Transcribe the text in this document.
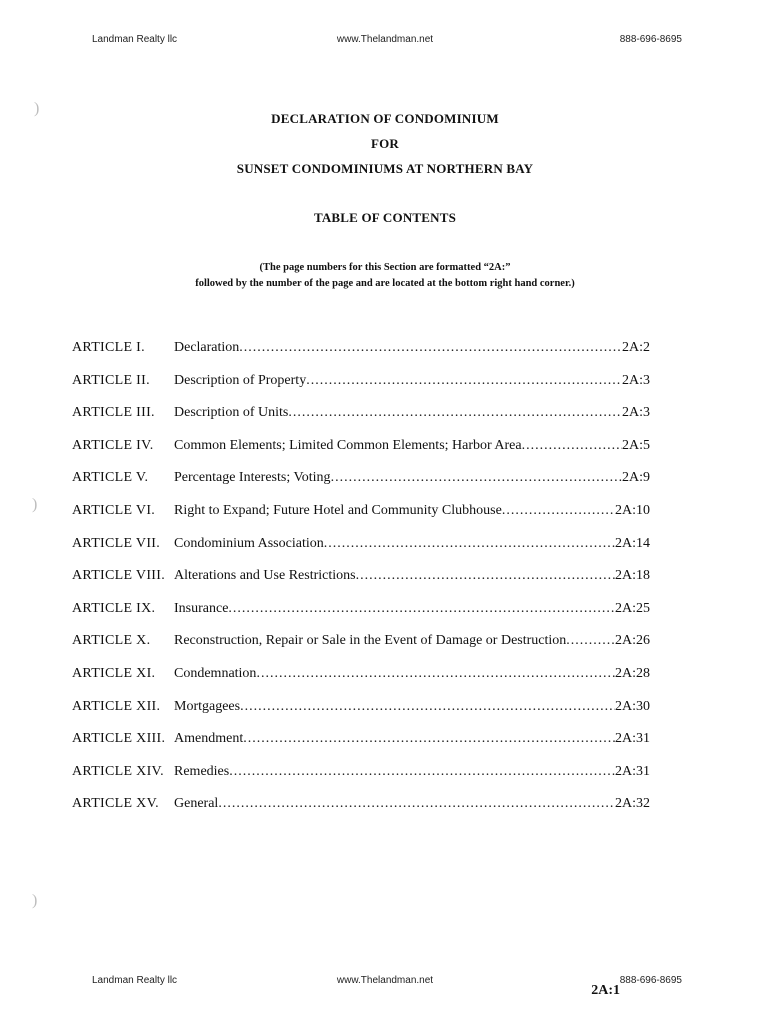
Landman Realty llc	www.Thelandman.net	888-696-8695
)
)
)
DECLARATION OF CONDOMINIUM
FOR
SUNSET CONDOMINIUMS AT NORTHERN BAY
TABLE OF CONTENTS
(The page numbers for this Section are formatted “2A:”
followed by the number of the page and are located at the bottom right hand corner.)
ARTICLE I.	Declaration .....	2A:2
ARTICLE II.	Description of Property .....	2A:3
ARTICLE III.	Description of Units .....	2A:3
ARTICLE IV.	Common Elements; Limited Common Elements; Harbor Area .....	2A:5
ARTICLE V.	Percentage Interests; Voting .....	2A:9
ARTICLE VI.	Right to Expand; Future Hotel and Community Clubhouse .....	2A:10
ARTICLE VII. Condominium Association .....	2A:14
ARTICLE VIII. Alterations and Use Restrictions .....	2A:18
ARTICLE IX.	Insurance .....	2A:25
ARTICLE X.	Reconstruction, Repair or Sale in the Event of Damage or Destruction .....	2A:26
ARTICLE XI.	Condemnation .....	2A:28
ARTICLE XII. Mortgagees .....	2A:30
ARTICLE XIII. Amendment .....	2A:31
ARTICLE XIV. Remedies .....	2A:31
ARTICLE XV.	General .....	2A:32
Landman Realty llc	www.Thelandman.net	888-696-8695
2A:1
